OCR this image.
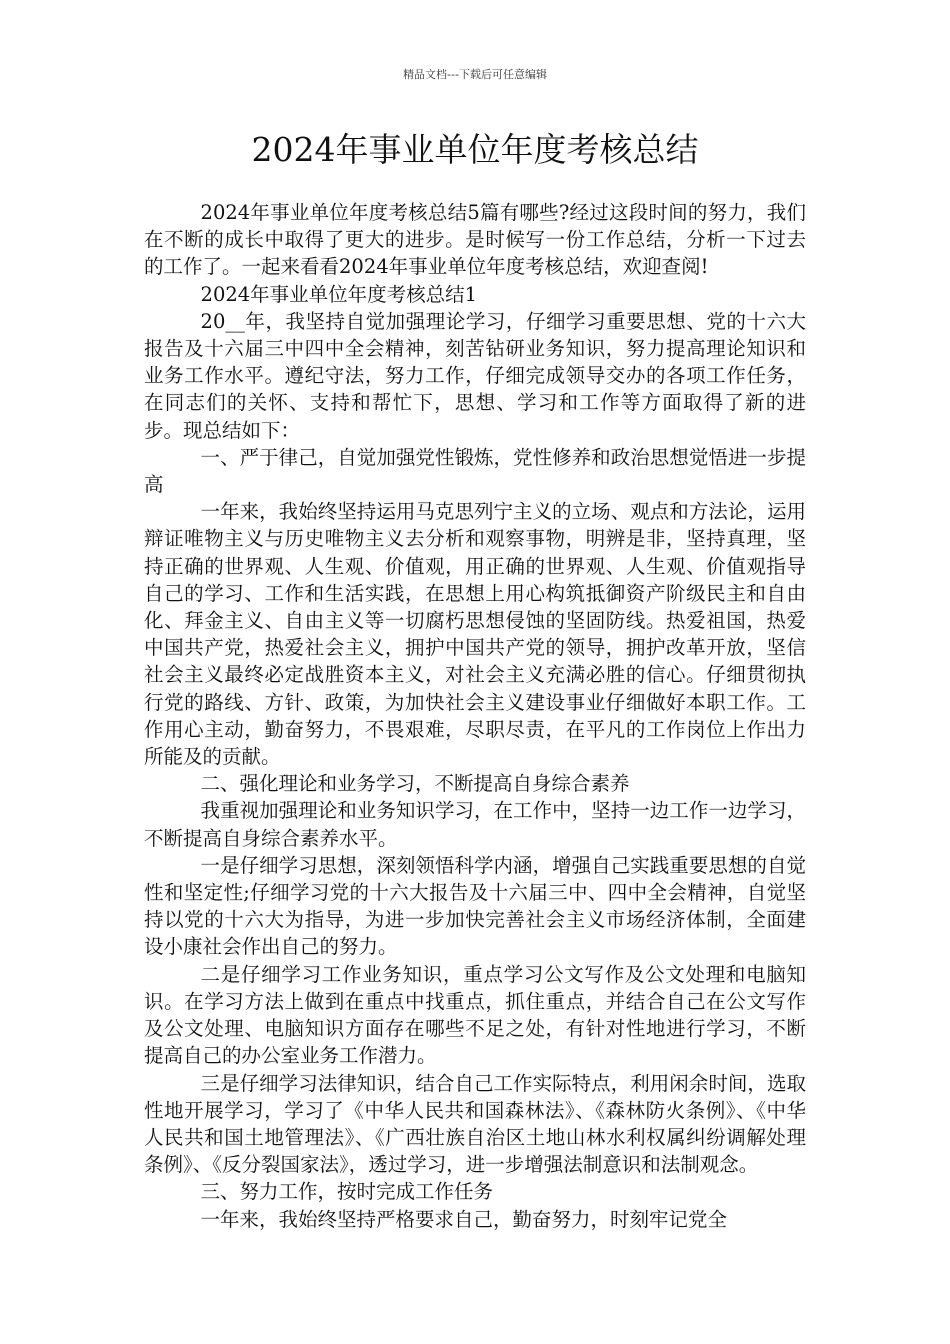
精品文档---下载后可任意编辑
2024年事业单位年度考核总结

2024年事业单位年度考核总结5篇有哪些?经过这段时间的努力，我们在不断的成长中取得了更大的进步。是时候写一份工作总结，分析一下过去的工作了。一起来看看2024年事业单位年度考核总结，欢迎查阅!

2024年事业单位年度考核总结1

20__年，我坚持自觉加强理论学习，仔细学习重要思想、党的十六大报告及十六届三中四中全会精神，刻苦钻研业务知识，努力提高理论知识和业务工作水平。遵纪守法，努力工作，仔细完成领导交办的各项工作任务，在同志们的关怀、支持和帮忙下，思想、学习和工作等方面取得了新的进步。现总结如下：

一、严于律己，自觉加强党性锻炼，党性修养和政治思想觉悟进一步提高

一年来，我始终坚持运用马克思列宁主义的立场、观点和方法论，运用辩证唯物主义与历史唯物主义去分析和观察事物，明辨是非，坚持真理，坚持正确的世界观、人生观、价值观，用正确的世界观、人生观、价值观指导自己的学习、工作和生活实践，在思想上用心构筑抵御资产阶级民主和自由化、拜金主义、自由主义等一切腐朽思想侵蚀的坚固防线。热爱祖国，热爱中国共产党，热爱社会主义，拥护中国共产党的领导，拥护改革开放，坚信社会主义最终必定战胜资本主义，对社会主义充满必胜的信心。仔细贯彻执行党的路线、方针、政策，为加快社会主义建设事业仔细做好本职工作。工作用心主动，勤奋努力，不畏艰难，尽职尽责，在平凡的工作岗位上作出力所能及的贡献。

二、强化理论和业务学习，不断提高自身综合素养

我重视加强理论和业务知识学习，在工作中，坚持一边工作一边学习，不断提高自身综合素养水平。

一是仔细学习思想，深刻领悟科学内涵，增强自己实践重要思想的自觉性和坚定性;仔细学习党的十六大报告及十六届三中、四中全会精神，自觉坚持以党的十六大为指导，为进一步加快完善社会主义市场经济体制，全面建设小康社会作出自己的努力。

二是仔细学习工作业务知识，重点学习公文写作及公文处理和电脑知识。在学习方法上做到在重点中找重点，抓住重点，并结合自己在公文写作及公文处理、电脑知识方面存在哪些不足之处，有针对性地进行学习，不断提高自己的办公室业务工作潜力。

三是仔细学习法律知识，结合自己工作实际特点，利用闲余时间，选取性地开展学习，学习了《中华人民共和国森林法》、《森林防火条例》、《中华人民共和国土地管理法》、《广西壮族自治区土地山林水利权属纠纷调解处理条例》、《反分裂国家法》，透过学习，进一步增强法制意识和法制观念。

三、努力工作，按时完成工作任务

一年来，我始终坚持严格要求自己，勤奋努力，时刻牢记党全
